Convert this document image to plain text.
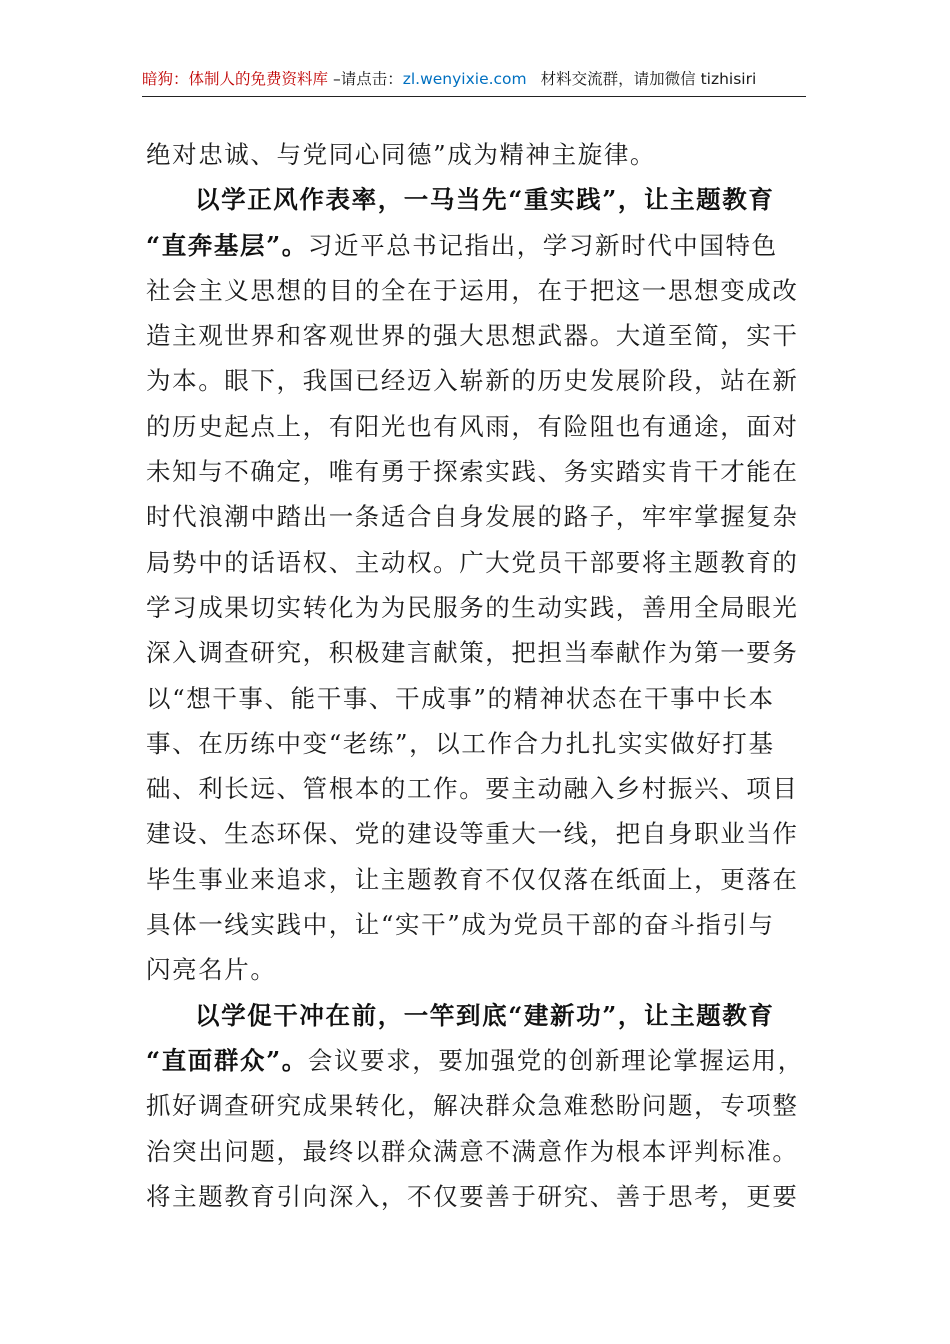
暗狗：体制人的免费资料库 –请点击：zl.wenyixie.com 材料交流群，请加微信 tizhisiri
绝对忠诚、与党同心同德”成为精神主旋律。
以学正风作表率，一马当先“重实践”，让主题教育
“直奔基层”。习近平总书记指出，学习新时代中国特色
社会主义思想的目的全在于运用，在于把这一思想变成改
造主观世界和客观世界的强大思想武器。大道至简，实干
为本。眼下，我国已经迈入崭新的历史发展阶段，站在新
的历史起点上，有阳光也有风雨，有险阻也有通途，面对
未知与不确定，唯有勇于探索实践、务实踏实肯干才能在
时代浪潮中踏出一条适合自身发展的路子，牢牢掌握复杂
局势中的话语权、主动权。广大党员干部要将主题教育的
学习成果切实转化为为民服务的生动实践，善用全局眼光
深入调查研究，积极建言献策，把担当奉献作为第一要务
以“想干事、能干事、干成事”的精神状态在干事中长本
事、在历练中变“老练”，以工作合力扎扎实实做好打基
础、利长远、管根本的工作。要主动融入乡村振兴、项目
建设、生态环保、党的建设等重大一线，把自身职业当作
毕生事业来追求，让主题教育不仅仅落在纸面上，更落在
具体一线实践中，让“实干”成为党员干部的奋斗指引与
闪亮名片。
以学促干冲在前，一竿到底“建新功”，让主题教育
“直面群众”。会议要求，要加强党的创新理论掌握运用，
抓好调查研究成果转化，解决群众急难愁盼问题，专项整
治突出问题，最终以群众满意不满意作为根本评判标准。
将主题教育引向深入，不仅要善于研究、善于思考，更要
